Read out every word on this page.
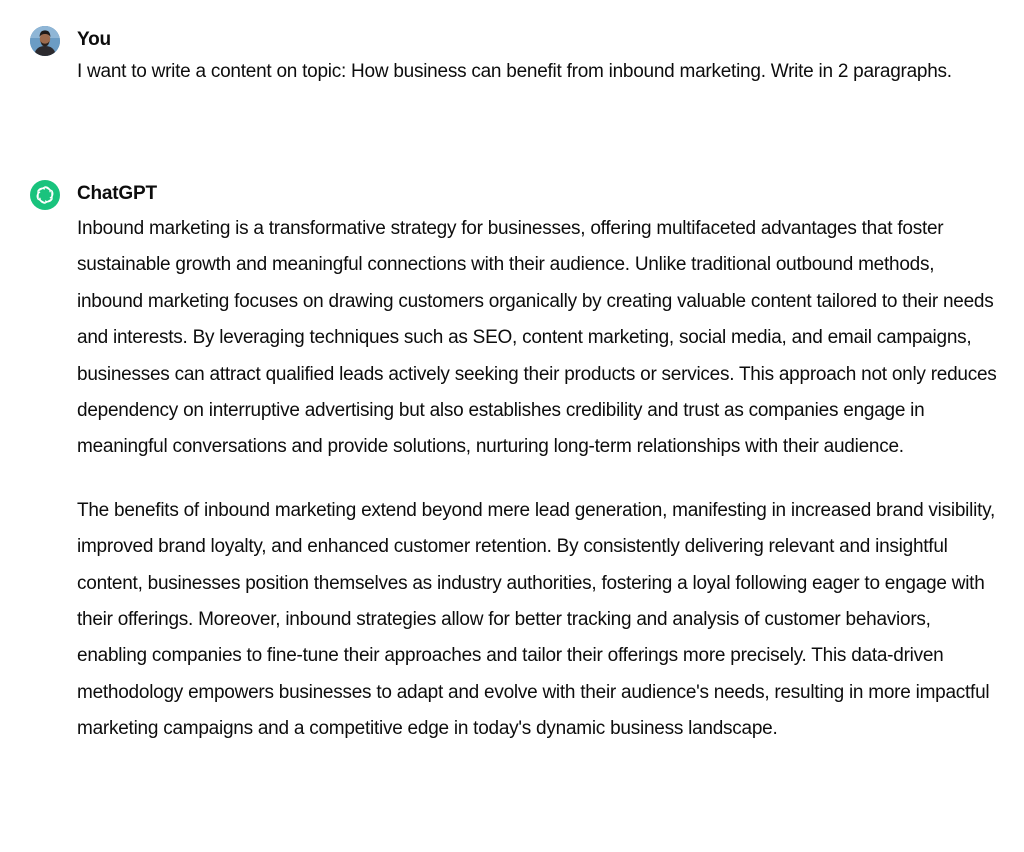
You

I want to write a content on topic: How business can benefit from inbound marketing. Write in 2 paragraphs.

ChatGPT

Inbound marketing is a transformative strategy for businesses, offering multifaceted advantages that foster sustainable growth and meaningful connections with their audience. Unlike traditional outbound methods, inbound marketing focuses on drawing customers organically by creating valuable content tailored to their needs and interests. By leveraging techniques such as SEO, content marketing, social media, and email campaigns, businesses can attract qualified leads actively seeking their products or services. This approach not only reduces dependency on interruptive advertising but also establishes credibility and trust as companies engage in meaningful conversations and provide solutions, nurturing long-term relationships with their audience.

The benefits of inbound marketing extend beyond mere lead generation, manifesting in increased brand visibility, improved brand loyalty, and enhanced customer retention. By consistently delivering relevant and insightful content, businesses position themselves as industry authorities, fostering a loyal following eager to engage with their offerings. Moreover, inbound strategies allow for better tracking and analysis of customer behaviors, enabling companies to fine-tune their approaches and tailor their offerings more precisely. This data-driven methodology empowers businesses to adapt and evolve with their audience's needs, resulting in more impactful marketing campaigns and a competitive edge in today's dynamic business landscape.
